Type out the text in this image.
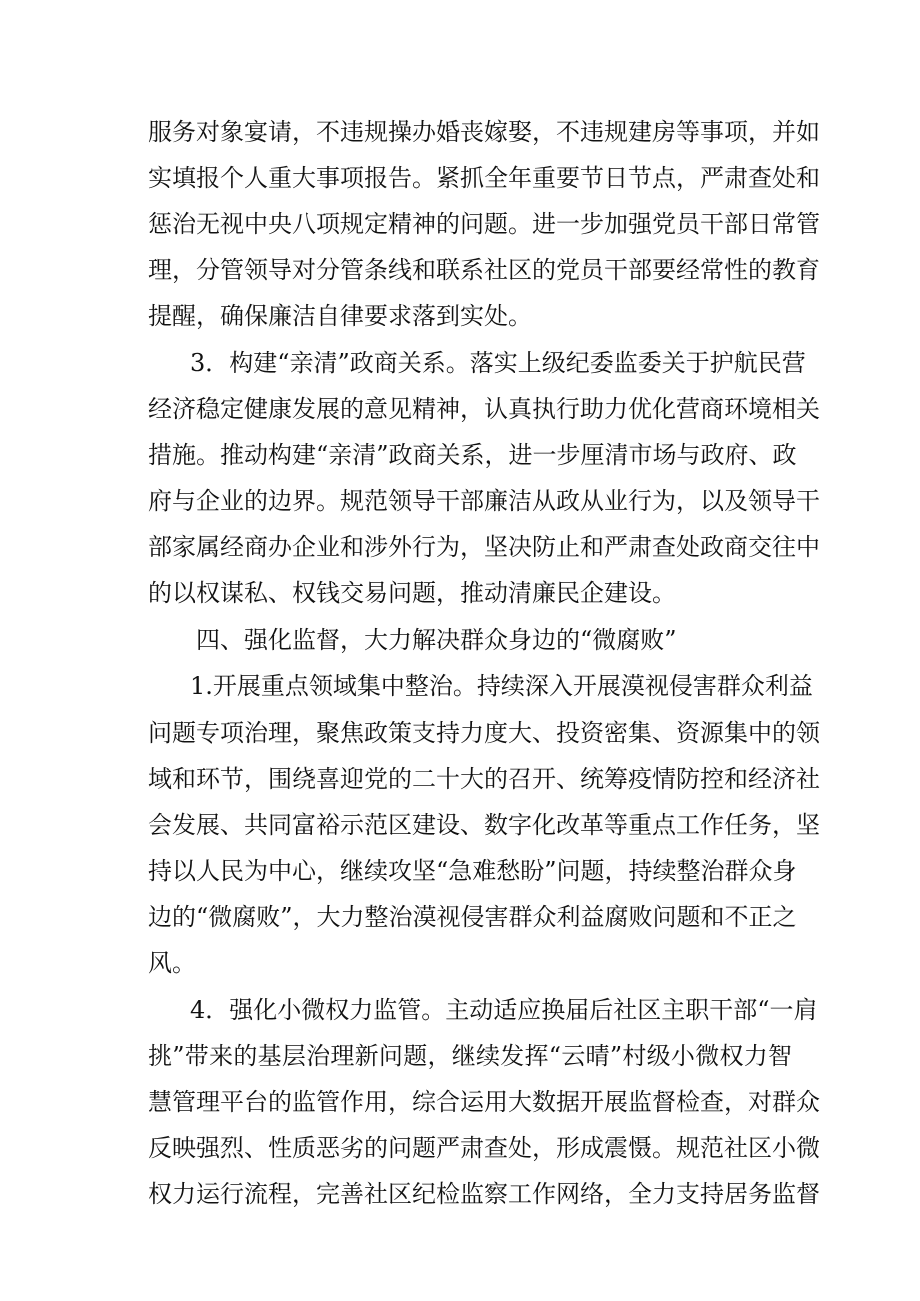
服务对象宴请，不违规操办婚丧嫁娶，不违规建房等事项，并如
实填报个人重大事项报告。紧抓全年重要节日节点，严肃查处和
惩治无视中央八项规定精神的问题。进一步加强党员干部日常管
理，分管领导对分管条线和联系社区的党员干部要经常性的教育
提醒，确保廉洁自律要求落到实处。
3．构建“亲清”政商关系。落实上级纪委监委关于护航民营
经济稳定健康发展的意见精神，认真执行助力优化营商环境相关
措施。推动构建“亲清”政商关系，进一步厘清市场与政府、政
府与企业的边界。规范领导干部廉洁从政从业行为，以及领导干
部家属经商办企业和涉外行为，坚决防止和严肃查处政商交往中
的以权谋私、权钱交易问题，推动清廉民企建设。
四、强化监督，大力解决群众身边的“微腐败”
1.开展重点领域集中整治。持续深入开展漠视侵害群众利益
问题专项治理，聚焦政策支持力度大、投资密集、资源集中的领
域和环节，围绕喜迎党的二十大的召开、统筹疫情防控和经济社
会发展、共同富裕示范区建设、数字化改革等重点工作任务，坚
持以人民为中心，继续攻坚“急难愁盼”问题，持续整治群众身
边的“微腐败”，大力整治漠视侵害群众利益腐败问题和不正之
风。
4．强化小微权力监管。主动适应换届后社区主职干部“一肩
挑”带来的基层治理新问题，继续发挥“云晴”村级小微权力智
慧管理平台的监管作用，综合运用大数据开展监督检查，对群众
反映强烈、性质恶劣的问题严肃查处，形成震慑。规范社区小微
权力运行流程，完善社区纪检监察工作网络，全力支持居务监督
